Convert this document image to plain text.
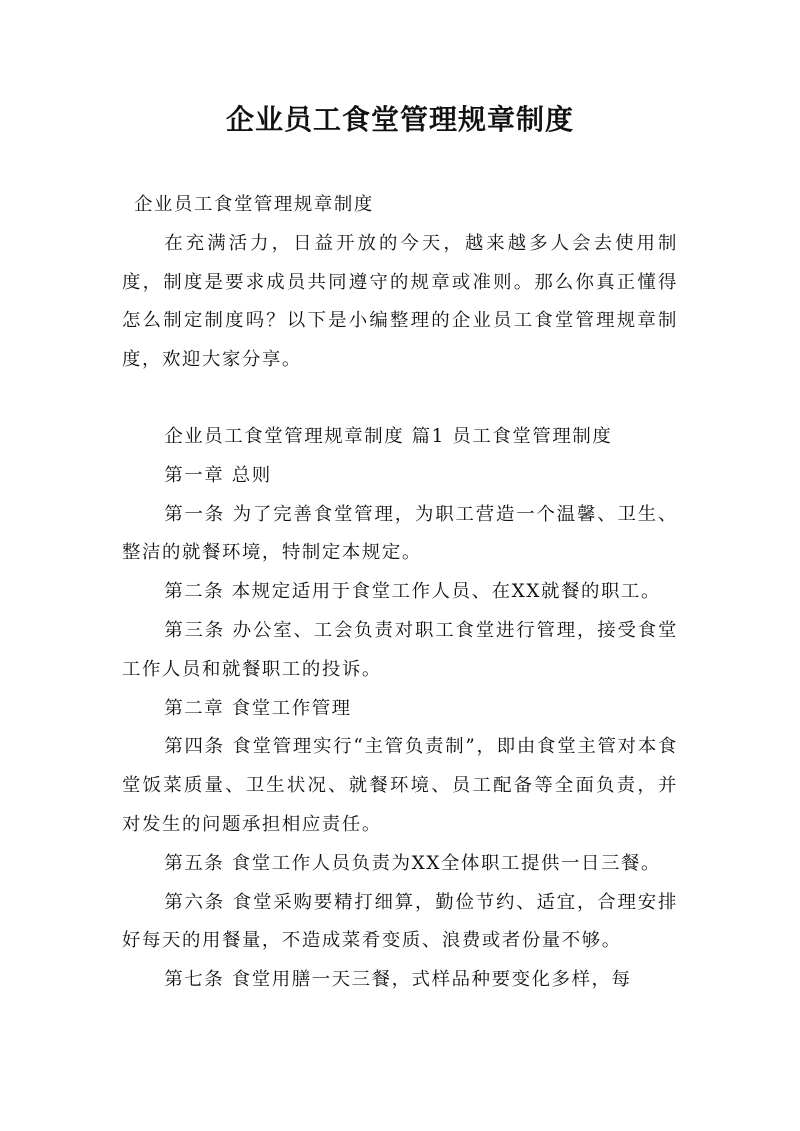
企业员工食堂管理规章制度

企业员工食堂管理规章制度

在充满活力，日益开放的今天，越来越多人会去使用制度，制度是要求成员共同遵守的规章或准则。那么你真正懂得怎么制定制度吗？以下是小编整理的企业员工食堂管理规章制度，欢迎大家分享。

企业员工食堂管理规章制度 篇1 员工食堂管理制度

第一章 总则

第一条 为了完善食堂管理，为职工营造一个温馨、卫生、整洁的就餐环境，特制定本规定。

第二条 本规定适用于食堂工作人员、在XX就餐的职工。

第三条 办公室、工会负责对职工食堂进行管理，接受食堂工作人员和就餐职工的投诉。

第二章 食堂工作管理

第四条 食堂管理实行“主管负责制”，即由食堂主管对本食堂饭菜质量、卫生状况、就餐环境、员工配备等全面负责，并对发生的问题承担相应责任。

第五条 食堂工作人员负责为XX全体职工提供一日三餐。

第六条 食堂采购要精打细算，勤俭节约、适宜，合理安排好每天的用餐量，不造成菜肴变质、浪费或者份量不够。

第七条 食堂用膳一天三餐，式样品种要变化多样，每
